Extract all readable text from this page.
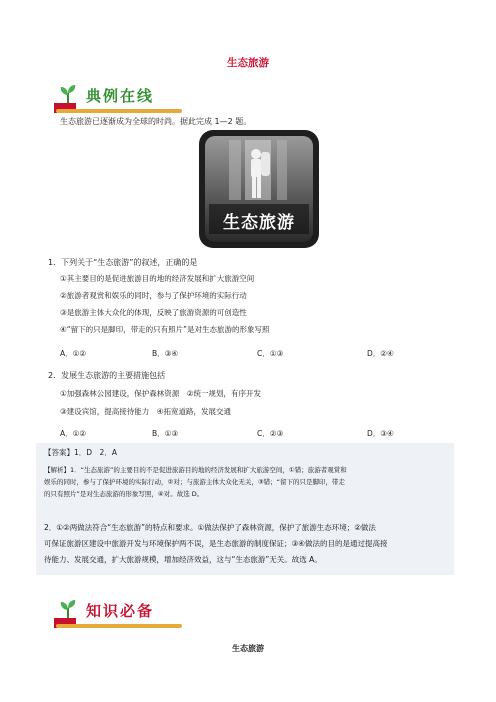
生态旅游
典例在线
生态旅游已逐渐成为全球的时尚。据此完成 1—2 题。
生态旅游
1．下列关于“生态旅游”的叙述，正确的是
①其主要目的是促进旅游目的地的经济发展和扩大旅游空间
②旅游者观赏和娱乐的同时，参与了保护环境的实际行动
③是旅游主体大众化的体现，反映了旅游资源的可创造性
④“留下的只是脚印，带走的只有照片”是对生态旅游的形象写照
A．①②	B．③④	C．①③	D．②④
2．发展生态旅游的主要措施包括
①加强森林公园建设，保护森林资源　②统一规划，有序开发
③建设宾馆，提高接待能力　④拓宽道路，发展交通
A．①②	B．①③	C．②③	D．③④
【答案】1．D　2．A
【解析】1．“生态旅游”的主要目的不是促进旅游目的地的经济发展和扩大旅游空间，①错；旅游者观赏和
娱乐的同时，参与了保护环境的实际行动，②对；与旅游主体大众化无关，③错；“留下的只是脚印，带走
的只有照片”是对生态旅游的形象写照，④对。故选 D。
2．①②两做法符合“生态旅游”的特点和要求。①做法保护了森林资源，保护了旅游生态环境；②做法
可保证旅游区建设中旅游开发与环境保护两不误，是生态旅游的制度保证；③④做法的目的是通过提高接
待能力、发展交通，扩大旅游规模，增加经济效益，这与“生态旅游”无关。故选 A。
知识必备
生态旅游
